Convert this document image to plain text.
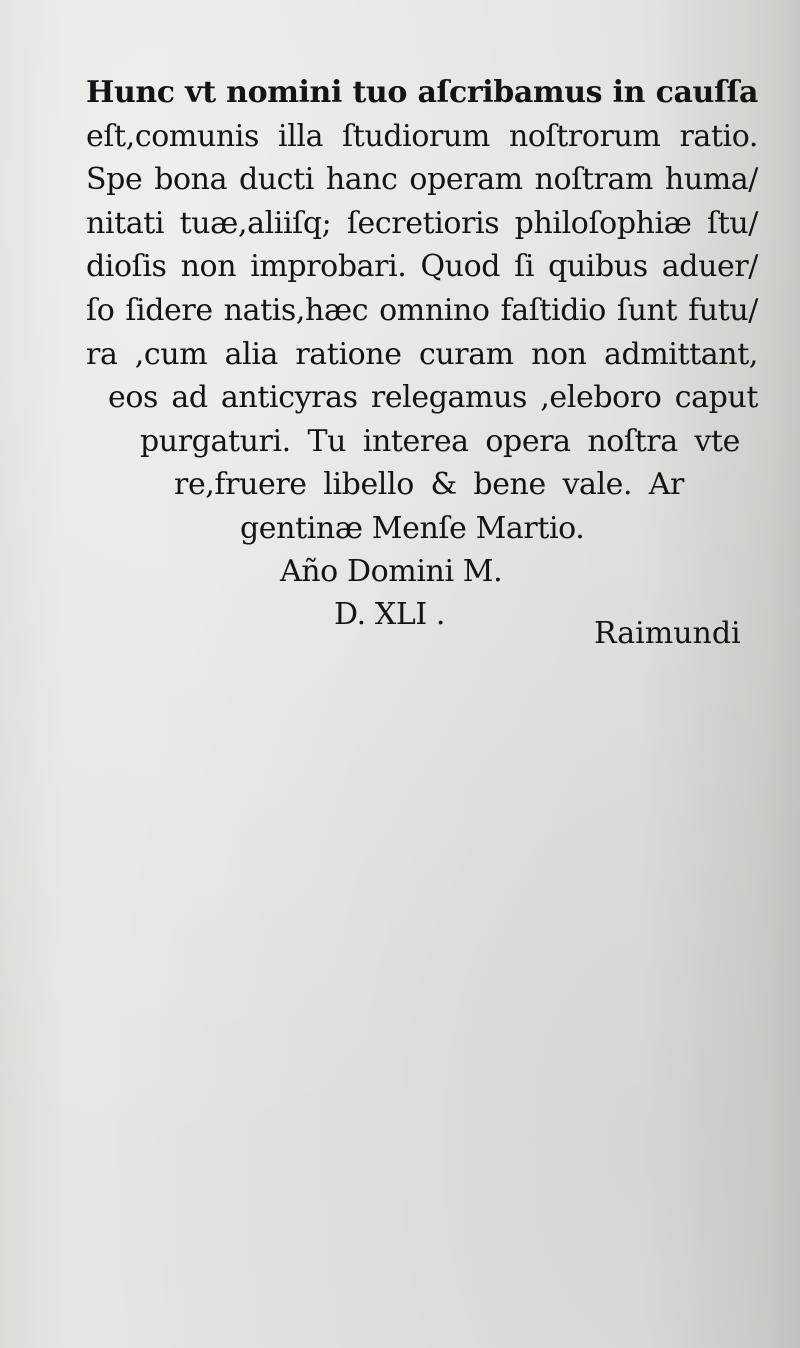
Hunc vt nomini tuo aſcribamus in cauſſa
eſt,comunis illa ſtudiorum noſtrorum ratio.
Spe bona ducti hanc operam noſtram huma/
nitati tuæ,aliiſq; ſecretioris philoſophiæ ſtu/
dioſis non improbari. Quod ſi quibus aduer/
ſo ſidere natis,hæc omnino faſtidio ſunt futu/
ra ,cum alia ratione curam non admittant,
eos ad anticyras relegamus ,eleboro caput
purgaturi. Tu interea opera noſtra vte
re,fruere libello & bene vale. Ar
gentinæ Menſe Martio.
Año Domini M.
D. XLI .
Raimundi
